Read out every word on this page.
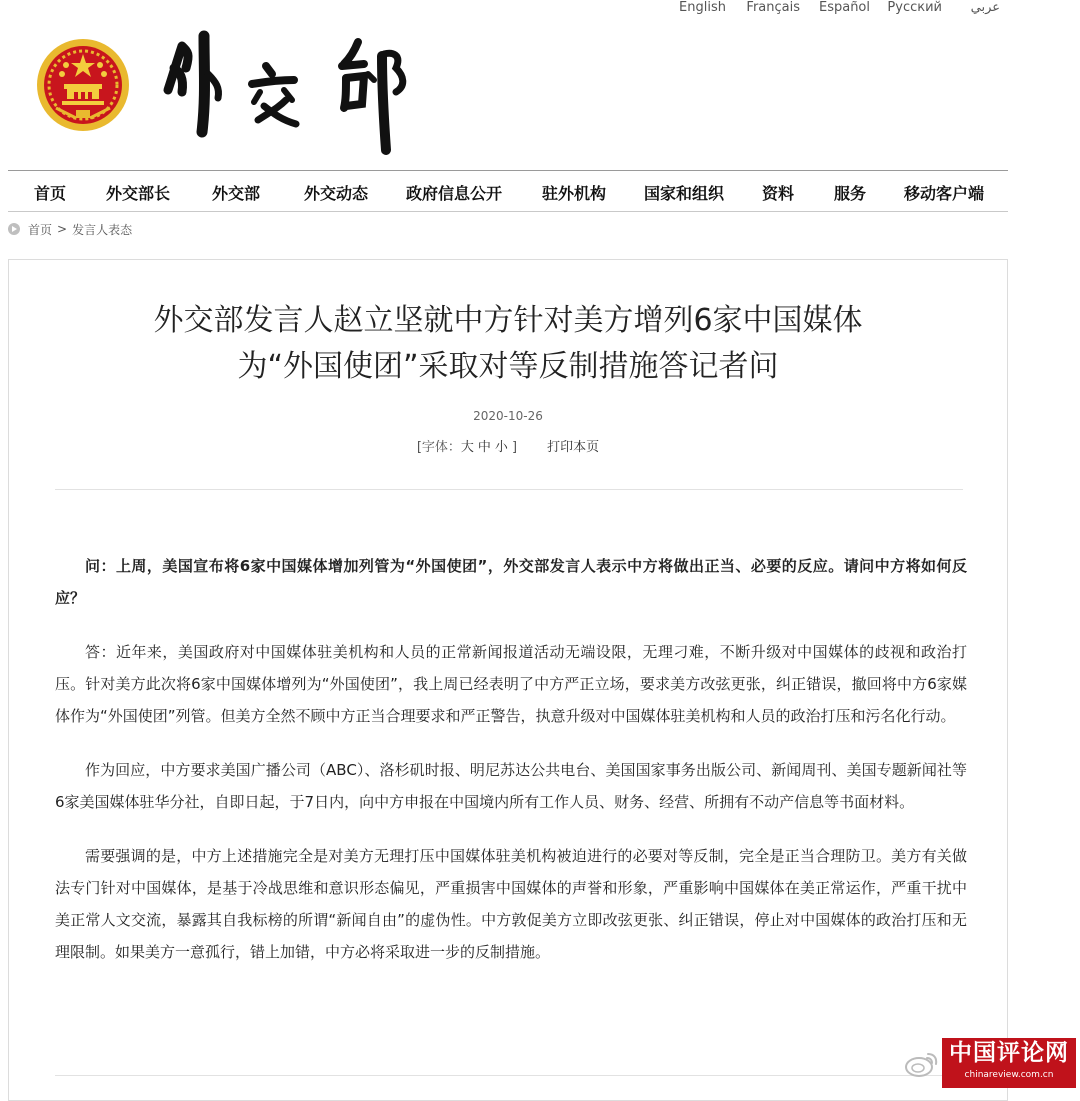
English Français Español Русский عربي
首页 外交部长	外交部	外交动态 政府信息公开 驻外机构 国家和组织 资料 服务 移动客户端
首页 > 发言人表态
外交部发言人赵立坚就中方针对美方增列6家中国媒体
为“外国使团”采取对等反制措施答记者问
2020-10-26
[字体：大 中 小 ] 打印本页

问：上周，美国宣布将6家中国媒体增加列管为“外国使团”，外交部发言人表示中方将做出正当、必要的反应。请问中方将如何反应？

答：近年来，美国政府对中国媒体驻美机构和人员的正常新闻报道活动无端设限，无理刁难，不断升级对中国媒体的歧视和政治打压。针对美方此次将6家中国媒体增列为“外国使团”，我上周已经表明了中方严正立场，要求美方改弦更张，纠正错误，撤回将中方6家媒体作为“外国使团”列管。但美方全然不顾中方正当合理要求和严正警告，执意升级对中国媒体驻美机构和人员的政治打压和污名化行动。

作为回应，中方要求美国广播公司（ABC）、洛杉矶时报、明尼苏达公共电台、美国国家事务出版公司、新闻周刊、美国专题新闻社等6家美国媒体驻华分社，自即日起，于7日内，向中方申报在中国境内所有工作人员、财务、经营、所拥有不动产信息等书面材料。

需要强调的是，中方上述措施完全是对美方无理打压中国媒体驻美机构被迫进行的必要对等反制，完全是正当合理防卫。美方有关做法专门针对中国媒体，是基于冷战思维和意识形态偏见，严重损害中国媒体的声誉和形象，严重影响中国媒体在美正常运作，严重干扰中美正常人文交流，暴露其自我标榜的所谓“新闻自由”的虚伪性。中方敦促美方立即改弦更张、纠正错误，停止对中国媒体的政治打压和无理限制。如果美方一意孤行，错上加错，中方必将采取进一步的反制措施。

中国评论网
chinareview.com.cn
